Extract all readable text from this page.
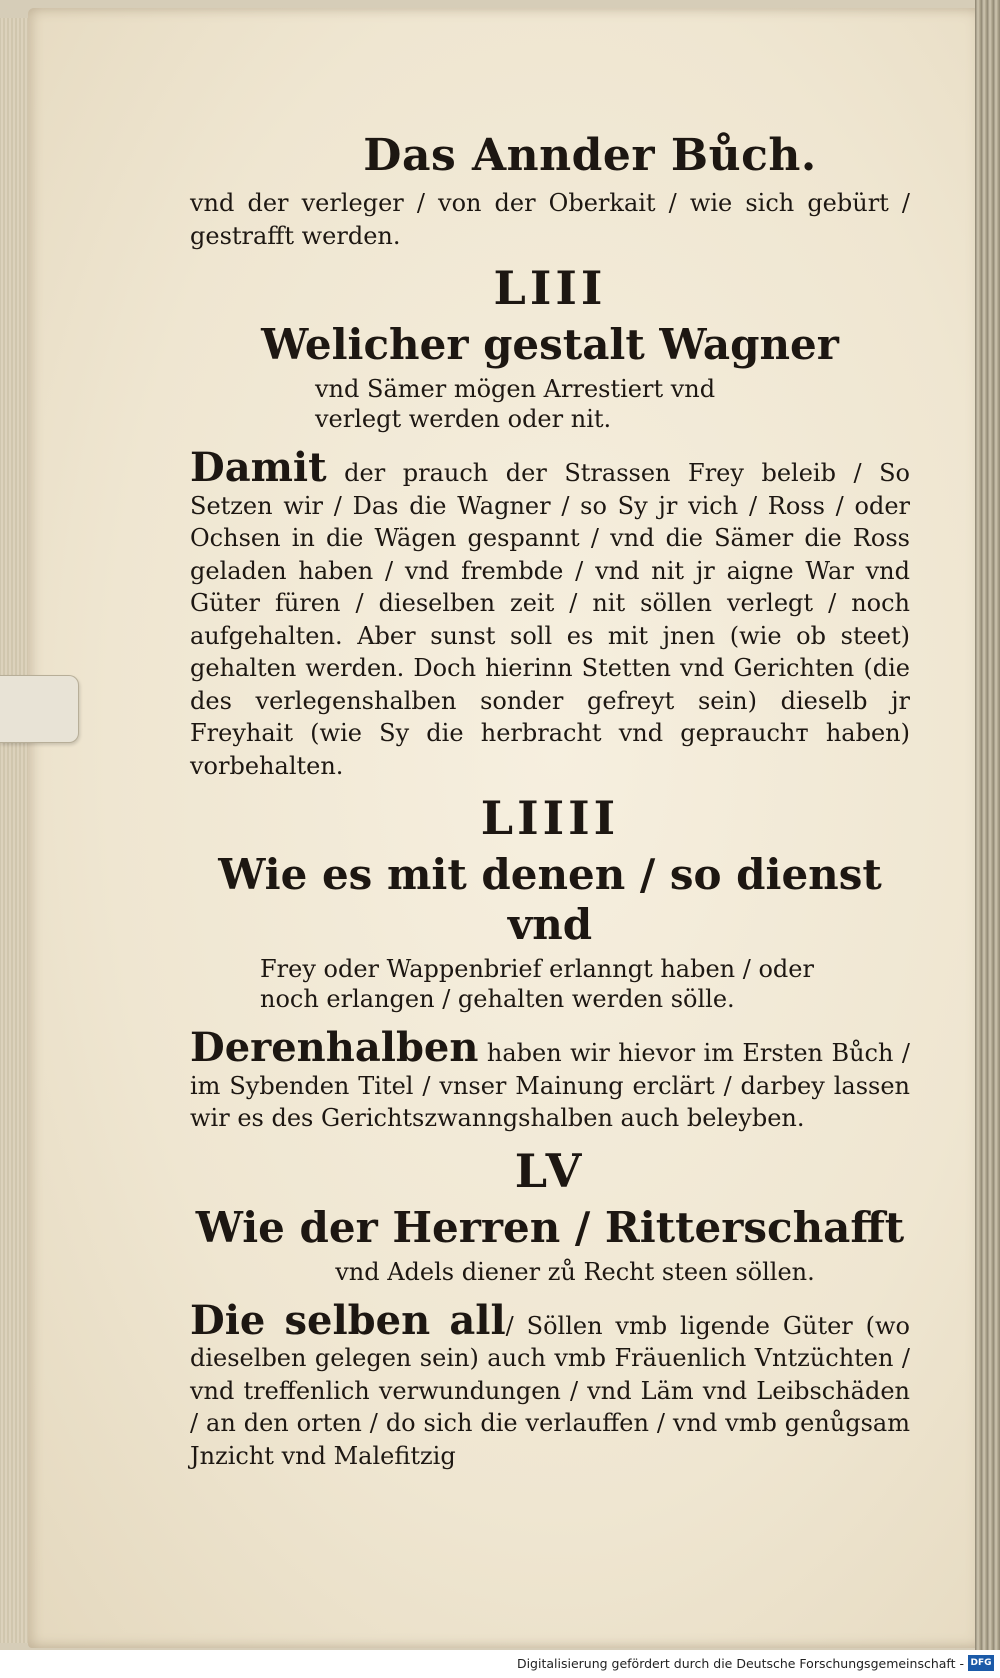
Das Annder Bůch.

vnd der verleger / von der Oberkait / wie sich gebürt / gestrafft werden.

LIII
Welicher gestalt Wagner
vnd Sämer mögen Arrestiert vnd verlegt werden oder nit.

Damit der prauch der Strassen Frey beleib / So Setzen wir / Das die Wagner / so Sy jr vich / Ross / oder Ochsen in die Wägen gespannt / vnd die Sämer die Ross geladen haben / vnd frembde / vnd nit jr aigne War vnd Güter füren / dieselben zeit / nit söllen verlegt / noch aufgehalten. Aber sunst soll es mit jnen (wie ob steet) gehalten werden. Doch hierinn Stetten vnd Gerichten (die des verlegenshalben sonder gefreyt sein) dieselb jr Freyhait (wie Sy die herbracht vnd geprauchт haben) vorbehalten.

LIIII
Wie es mit denen / so dienst vnd
Frey oder Wappenbrief erlanngt haben / oder noch erlangen / gehalten werden sölle.

Derenhalben haben wir hievor im Ersten Bůch / im Sybenden Titel / vnser Mainung erclärt / darbey lassen wir es des Gerichtszwanngshalben auch beleyben.

LV
Wie der Herren / Ritterschafft
vnd Adels diener zů Recht steen söllen.

Die selben all/ Söllen vmb ligende Güter (wo dieselben gelegen sein) auch vmb Fräuenlich Vntzüchten / vnd treffenlich verwundungen / vnd Läm vnd Leibschäden / an den orten / do sich die verlauffen / vnd vmb genůgsam Jnzicht vnd Malefitzig

Digitalisierung gefördert durch die Deutsche Forschungsgemeinschaft - DFG
